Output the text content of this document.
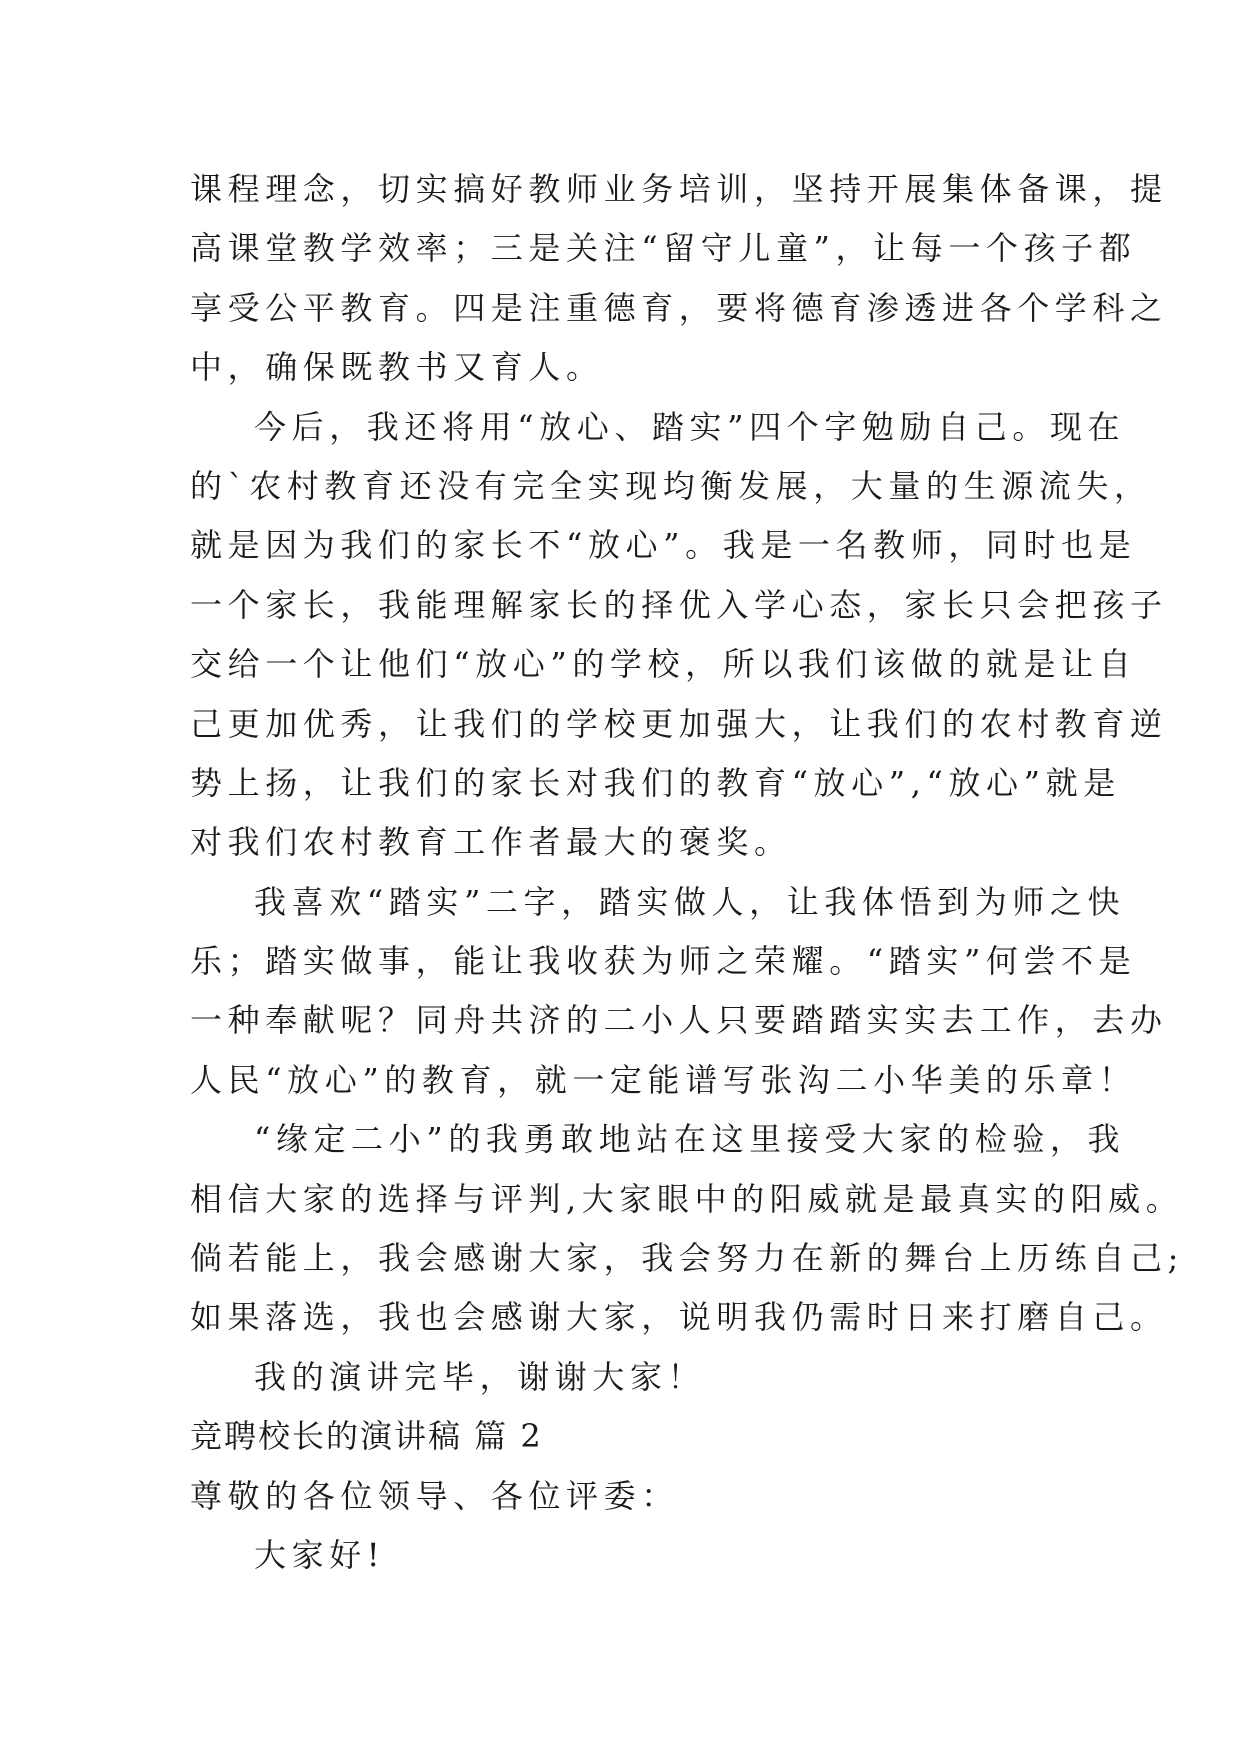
课程理念，切实搞好教师业务培训，坚持开展集体备课，提
高课堂教学效率；三是关注“留守儿童”，让每一个孩子都
享受公平教育。四是注重德育，要将德育渗透进各个学科之
中，确保既教书又育人。
今后，我还将用“放心、踏实”四个字勉励自己。现在
的`农村教育还没有完全实现均衡发展，大量的生源流失，
就是因为我们的家长不“放心”。我是一名教师，同时也是
一个家长，我能理解家长的择优入学心态，家长只会把孩子
交给一个让他们“放心”的学校，所以我们该做的就是让自
己更加优秀，让我们的学校更加强大，让我们的农村教育逆
势上扬，让我们的家长对我们的教育“放心”,“放心”就是
对我们农村教育工作者最大的褒奖。
我喜欢“踏实”二字，踏实做人，让我体悟到为师之快
乐；踏实做事，能让我收获为师之荣耀。“踏实”何尝不是
一种奉献呢？同舟共济的二小人只要踏踏实实去工作，去办
人民“放心”的教育，就一定能谱写张沟二小华美的乐章！
“缘定二小”的我勇敢地站在这里接受大家的检验，我
相信大家的选择与评判,大家眼中的阳威就是最真实的阳威。
倘若能上，我会感谢大家，我会努力在新的舞台上历练自己;
如果落选，我也会感谢大家，说明我仍需时日来打磨自己。
我的演讲完毕，谢谢大家！
竞聘校长的演讲稿 篇 2
尊敬的各位领导、各位评委：
大家好!
